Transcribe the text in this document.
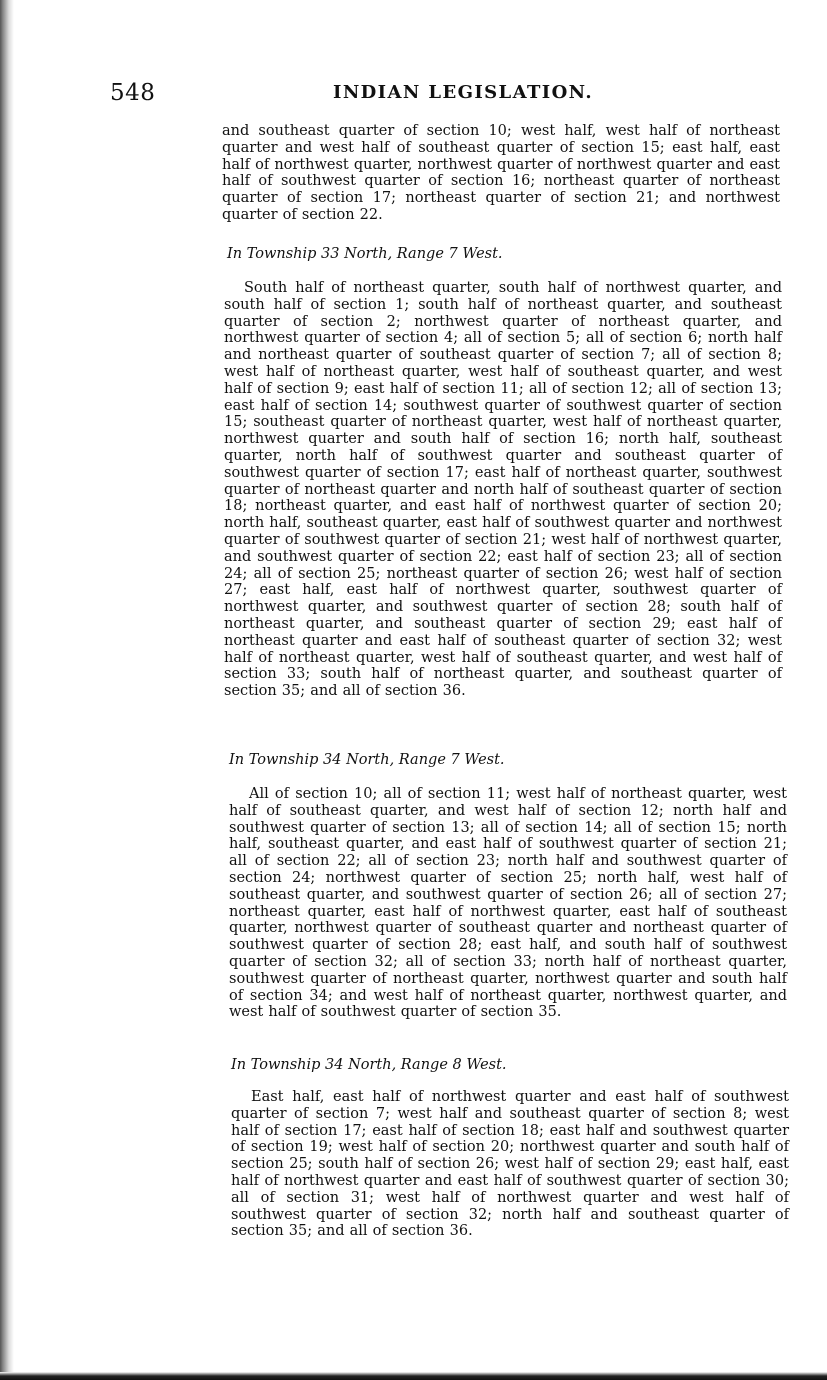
548	INDIAN LEGISLATION.

and southeast quarter of section 10; west half, west half of northeast quarter and west half of southeast quarter of section 15; east half, east half of northwest quarter, northwest quarter of northwest quarter and east half of southwest quarter of section 16; northeast quarter of northeast quarter of section 17; northeast quarter of section 21; and northwest quarter of section 22.

In Township 33 North, Range 7 West.

South half of northeast quarter, south half of northwest quarter, and south half of section 1; south half of northeast quarter, and southeast quarter of section 2; northwest quarter of northeast quarter, and northwest quarter of section 4; all of section 5; all of section 6; north half and northeast quarter of southeast quarter of section 7; all of section 8; west half of northeast quarter, west half of southeast quarter, and west half of section 9; east half of section 11; all of section 12; all of section 13; east half of section 14; southwest quarter of southwest quarter of section 15; southeast quarter of northeast quarter, west half of northeast quarter, northwest quarter and south half of section 16; north half, southeast quarter, north half of southwest quarter and southeast quarter of southwest quarter of section 17; east half of northeast quarter, southwest quarter of northeast quarter and north half of southeast quarter of section 18; northeast quarter, and east half of northwest quarter of section 20; north half, southeast quarter, east half of southwest quarter and northwest quarter of southwest quarter of section 21; west half of northwest quarter, and southwest quarter of section 22; east half of section 23; all of section 24; all of section 25; northeast quarter of section 26; west half of section 27; east half, east half of northwest quarter, southwest quarter of northwest quarter, and southwest quarter of section 28; south half of northeast quarter, and southeast quarter of section 29; east half of northeast quarter and east half of southeast quarter of section 32; west half of northeast quarter, west half of southeast quarter, and west half of section 33; south half of northeast quarter, and southeast quarter of section 35; and all of section 36.

In Township 34 North, Range 7 West.

All of section 10; all of section 11; west half of northeast quarter, west half of southeast quarter, and west half of section 12; north half and southwest quarter of section 13; all of section 14; all of section 15; north half, southeast quarter, and east half of southwest quarter of section 21; all of section 22; all of section 23; north half and southwest quarter of section 24; northwest quarter of section 25; north half, west half of southeast quarter, and southwest quarter of section 26; all of section 27; northeast quarter, east half of northwest quarter, east half of southeast quarter, northwest quarter of southeast quarter and northeast quarter of southwest quarter of section 28; east half, and south half of southwest quarter of section 32; all of section 33; north half of northeast quarter, southwest quarter of northeast quarter, northwest quarter and south half of section 34; and west half of northeast quarter, northwest quarter, and west half of southwest quarter of section 35.

In Township 34 North, Range 8 West.

East half, east half of northwest quarter and east half of southwest quarter of section 7; west half and southeast quarter of section 8; west half of section 17; east half of section 18; east half and southwest quarter of section 19; west half of section 20; northwest quarter and south half of section 25; south half of section 26; west half of section 29; east half, east half of northwest quarter and east half of southwest quarter of section 30; all of section 31; west half of northwest quarter and west half of southwest quarter of section 32; north half and southeast quarter of section 35; and all of section 36.
